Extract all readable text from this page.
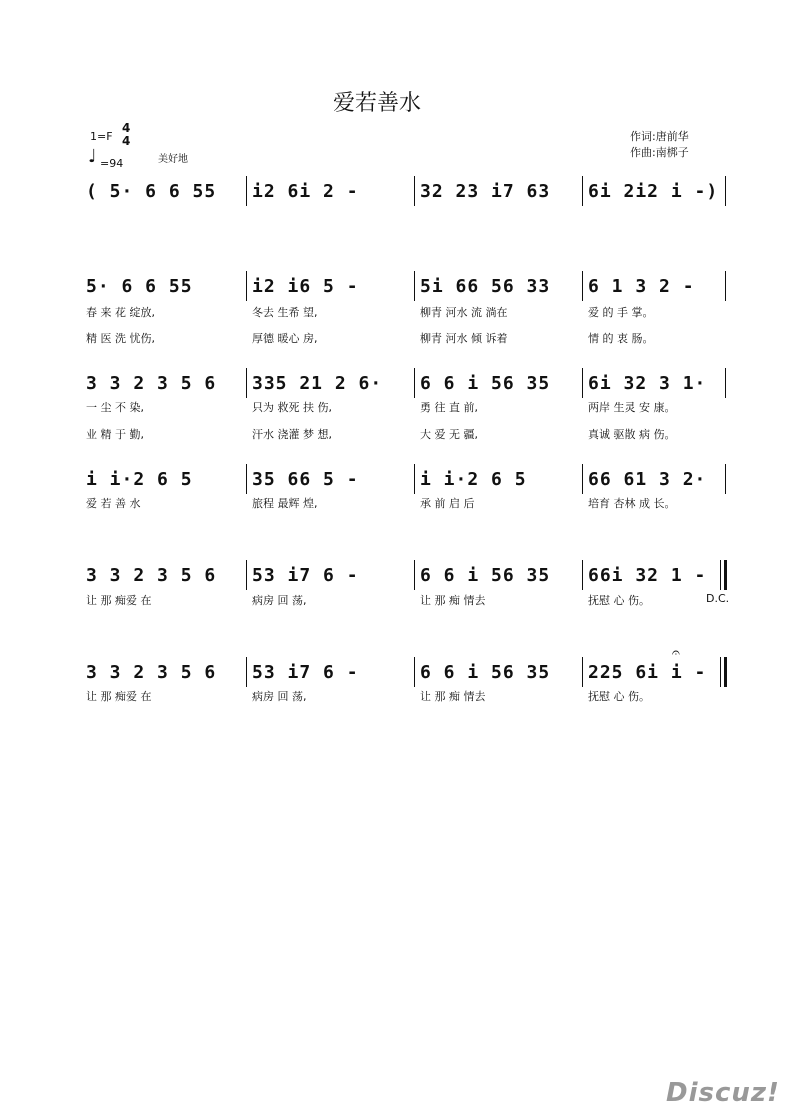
爱若善水
1=F
4
4
♩ =94	美好地
作词:唐前华
作曲:南梆子
( 5· 6 6 55 i2 6i 2 -	32 23 i7 63 6i 2i2 i -)
5· 6 6 55	i2 i6 5 -	5i 66 56 33 6 1 3 2 -
春 来 花 绽放,	冬去 生希 望,	柳青 河水 流 淌在	爱 的 手 掌。
精 医 洗 忧伤,	厚德 暖心 房,	柳青 河水 倾 诉着	情 的 衷 肠。
3 3 2 3 5 6 335 21 2 6· 6 6 i 56 35 6i 32 3 1·
一 尘 不 染,	只为 救死 扶 伤,	勇 往 直 前,	两岸 生灵 安 康。
业 精 于 勤,	汗水 浇灌 梦 想,	大 爱 无 疆,	真诚 驱散 病 伤。
i i·2 6 5	35 66 5 -	i i·2 6 5	66 61 3 2·
爱 若 善 水	旅程 最辉 煌,	承 前 启 后	培育 杏林 成 长。
3 3 2 3 5 6 53 i7 6 -	6 6 i 56 35 66i 32 1 -
让 那 痴爱 在	病房 回 荡,	让 那 痴 情去	抚慰 心 伤。	D.C.
3 3 2 3 5 6 53 i7 6 -	6 6 i 56 35 225 6i i -
𝄐
让 那 痴爱 在	病房 回 荡,	让 那 痴 情去	抚慰 心 伤。
Discuz!
